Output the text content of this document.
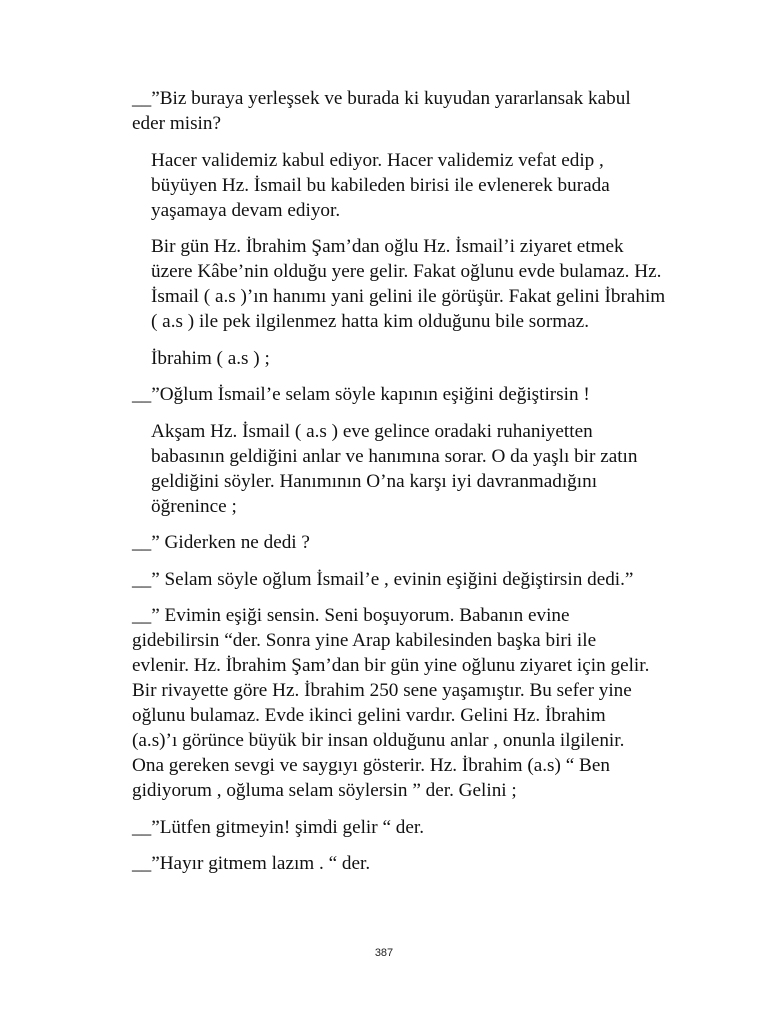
__”Biz buraya yerleşsek ve burada ki kuyudan yararlansak kabul
eder misin?

Hacer validemiz kabul ediyor. Hacer validemiz vefat edip ,
büyüyen Hz. İsmail bu kabileden birisi ile evlenerek burada
yaşamaya devam ediyor.

Bir gün Hz. İbrahim Şam’dan oğlu Hz. İsmail’i ziyaret etmek
üzere Kâbe’nin olduğu yere gelir. Fakat oğlunu evde bulamaz. Hz.
İsmail ( a.s )’ın hanımı yani gelini ile görüşür. Fakat gelini İbrahim
( a.s ) ile pek ilgilenmez hatta kim olduğunu bile sormaz.

İbrahim ( a.s ) ;

__”Oğlum İsmail’e selam söyle kapının eşiğini değiştirsin !

Akşam Hz. İsmail ( a.s ) eve gelince oradaki ruhaniyetten
babasının geldiğini anlar ve hanımına sorar. O da yaşlı bir zatın
geldiğini söyler. Hanımının O’na karşı iyi davranmadığını
öğrenince ;

__” Giderken ne dedi ?

__” Selam söyle oğlum İsmail’e , evinin eşiğini değiştirsin dedi.”

__” Evimin eşiği sensin. Seni boşuyorum. Babanın evine
gidebilirsin “der. Sonra yine Arap kabilesinden başka biri ile
evlenir. Hz. İbrahim Şam’dan bir gün yine oğlunu ziyaret için gelir.
Bir rivayette göre Hz. İbrahim 250 sene yaşamıştır. Bu sefer yine
oğlunu bulamaz. Evde ikinci gelini vardır. Gelini Hz. İbrahim
(a.s)’ı görünce büyük bir insan olduğunu anlar , onunla ilgilenir.
Ona gereken sevgi ve saygıyı gösterir. Hz. İbrahim (a.s) “ Ben
gidiyorum , oğluma selam söylersin ” der. Gelini ;

__”Lütfen gitmeyin! şimdi gelir “ der.

__”Hayır gitmem lazım . “ der.

387
